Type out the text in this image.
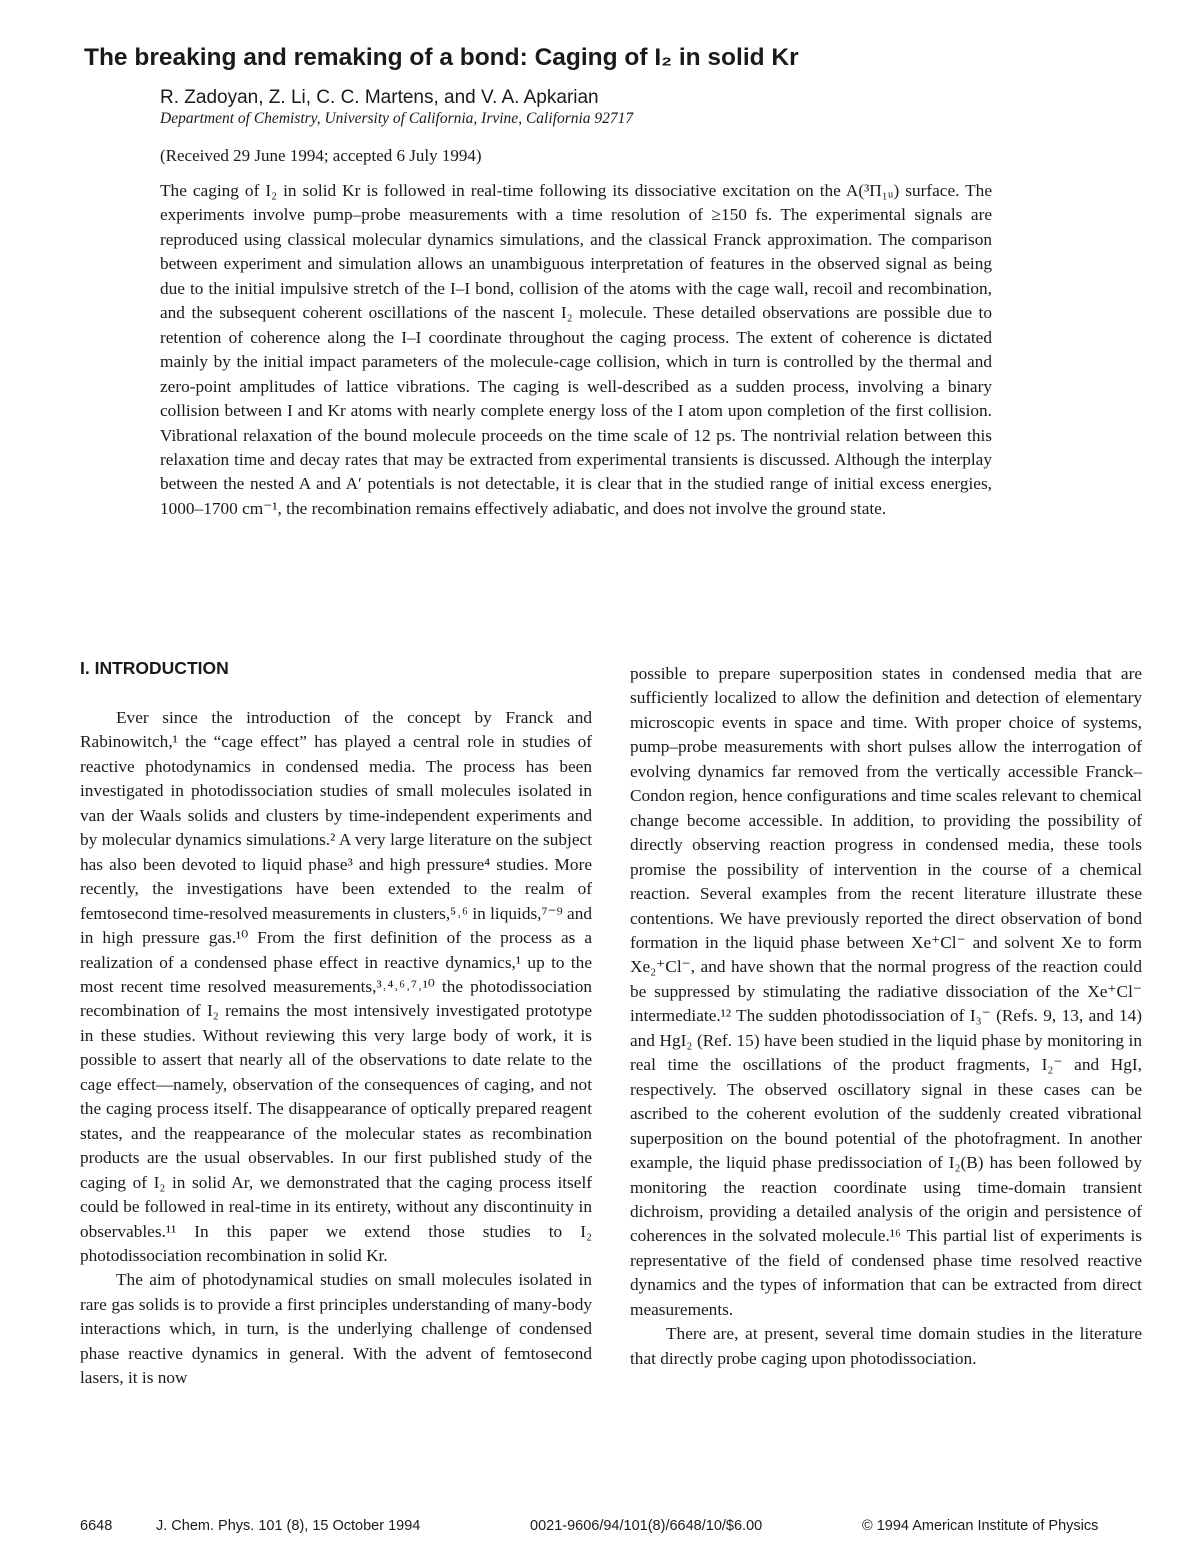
The breaking and remaking of a bond: Caging of I₂ in solid Kr
R. Zadoyan, Z. Li, C. C. Martens, and V. A. Apkarian
Department of Chemistry, University of California, Irvine, California 92717
(Received 29 June 1994; accepted 6 July 1994)

The caging of I₂ in solid Kr is followed in real-time following its dissociative excitation on the A(³Π₁ᵤ) surface. The experiments involve pump–probe measurements with a time resolution of ≥150 fs. The experimental signals are reproduced using classical molecular dynamics simulations, and the classical Franck approximation. The comparison between experiment and simulation allows an unambiguous interpretation of features in the observed signal as being due to the initial impulsive stretch of the I–I bond, collision of the atoms with the cage wall, recoil and recombination, and the subsequent coherent oscillations of the nascent I₂ molecule. These detailed observations are possible due to retention of coherence along the I–I coordinate throughout the caging process. The extent of coherence is dictated mainly by the initial impact parameters of the molecule-cage collision, which in turn is controlled by the thermal and zero-point amplitudes of lattice vibrations. The caging is well-described as a sudden process, involving a binary collision between I and Kr atoms with nearly complete energy loss of the I atom upon completion of the first collision. Vibrational relaxation of the bound molecule proceeds on the time scale of 12 ps. The nontrivial relation between this relaxation time and decay rates that may be extracted from experimental transients is discussed. Although the interplay between the nested A and A′ potentials is not detectable, it is clear that in the studied range of initial excess energies, 1000–1700 cm⁻¹, the recombination remains effectively adiabatic, and does not involve the ground state.

I. INTRODUCTION

Ever since the introduction of the concept by Franck and Rabinowitch,¹ the “cage effect” has played a central role in studies of reactive photodynamics in condensed media. The process has been investigated in photodissociation studies of small molecules isolated in van der Waals solids and clusters by time-independent experiments and by molecular dynamics simulations.² A very large literature on the subject has also been devoted to liquid phase³ and high pressure⁴ studies. More recently, the investigations have been extended to the realm of femtosecond time-resolved measurements in clusters,⁵˒⁶ in liquids,⁷⁻⁹ and in high pressure gas.¹⁰ From the first definition of the process as a realization of a condensed phase effect in reactive dynamics,¹ up to the most recent time resolved measurements,³˒⁴˒⁶˒⁷˒¹⁰ the photodissociation recombination of I₂ remains the most intensively investigated prototype in these studies. Without reviewing this very large body of work, it is possible to assert that nearly all of the observations to date relate to the cage effect—namely, observation of the consequences of caging, and not the caging process itself. The disappearance of optically prepared reagent states, and the reappearance of the molecular states as recombination products are the usual observables. In our first published study of the caging of I₂ in solid Ar, we demonstrated that the caging process itself could be followed in real-time in its entirety, without any discontinuity in observables.¹¹ In this paper we extend those studies to I₂ photodissociation recombination in solid Kr.

The aim of photodynamical studies on small molecules isolated in rare gas solids is to provide a first principles understanding of many-body interactions which, in turn, is the underlying challenge of condensed phase reactive dynamics in general. With the advent of femtosecond lasers, it is now

possible to prepare superposition states in condensed media that are sufficiently localized to allow the definition and detection of elementary microscopic events in space and time. With proper choice of systems, pump–probe measurements with short pulses allow the interrogation of evolving dynamics far removed from the vertically accessible Franck–Condon region, hence configurations and time scales relevant to chemical change become accessible. In addition, to providing the possibility of directly observing reaction progress in condensed media, these tools promise the possibility of intervention in the course of a chemical reaction. Several examples from the recent literature illustrate these contentions. We have previously reported the direct observation of bond formation in the liquid phase between Xe⁺Cl⁻ and solvent Xe to form Xe₂⁺Cl⁻, and have shown that the normal progress of the reaction could be suppressed by stimulating the radiative dissociation of the Xe⁺Cl⁻ intermediate.¹² The sudden photodissociation of I₃⁻ (Refs. 9, 13, and 14) and HgI₂ (Ref. 15) have been studied in the liquid phase by monitoring in real time the oscillations of the product fragments, I₂⁻ and HgI, respectively. The observed oscillatory signal in these cases can be ascribed to the coherent evolution of the suddenly created vibrational superposition on the bound potential of the photofragment. In another example, the liquid phase predissociation of I₂(B) has been followed by monitoring the reaction coordinate using time-domain transient dichroism, providing a detailed analysis of the origin and persistence of coherences in the solvated molecule.¹⁶ This partial list of experiments is representative of the field of condensed phase time resolved reactive dynamics and the types of information that can be extracted from direct measurements.

There are, at present, several time domain studies in the literature that directly probe caging upon photodissociation.

6648	J. Chem. Phys. 101 (8), 15 October 1994	0021-9606/94/101(8)/6648/10/$6.00	© 1994 American Institute of Physics
